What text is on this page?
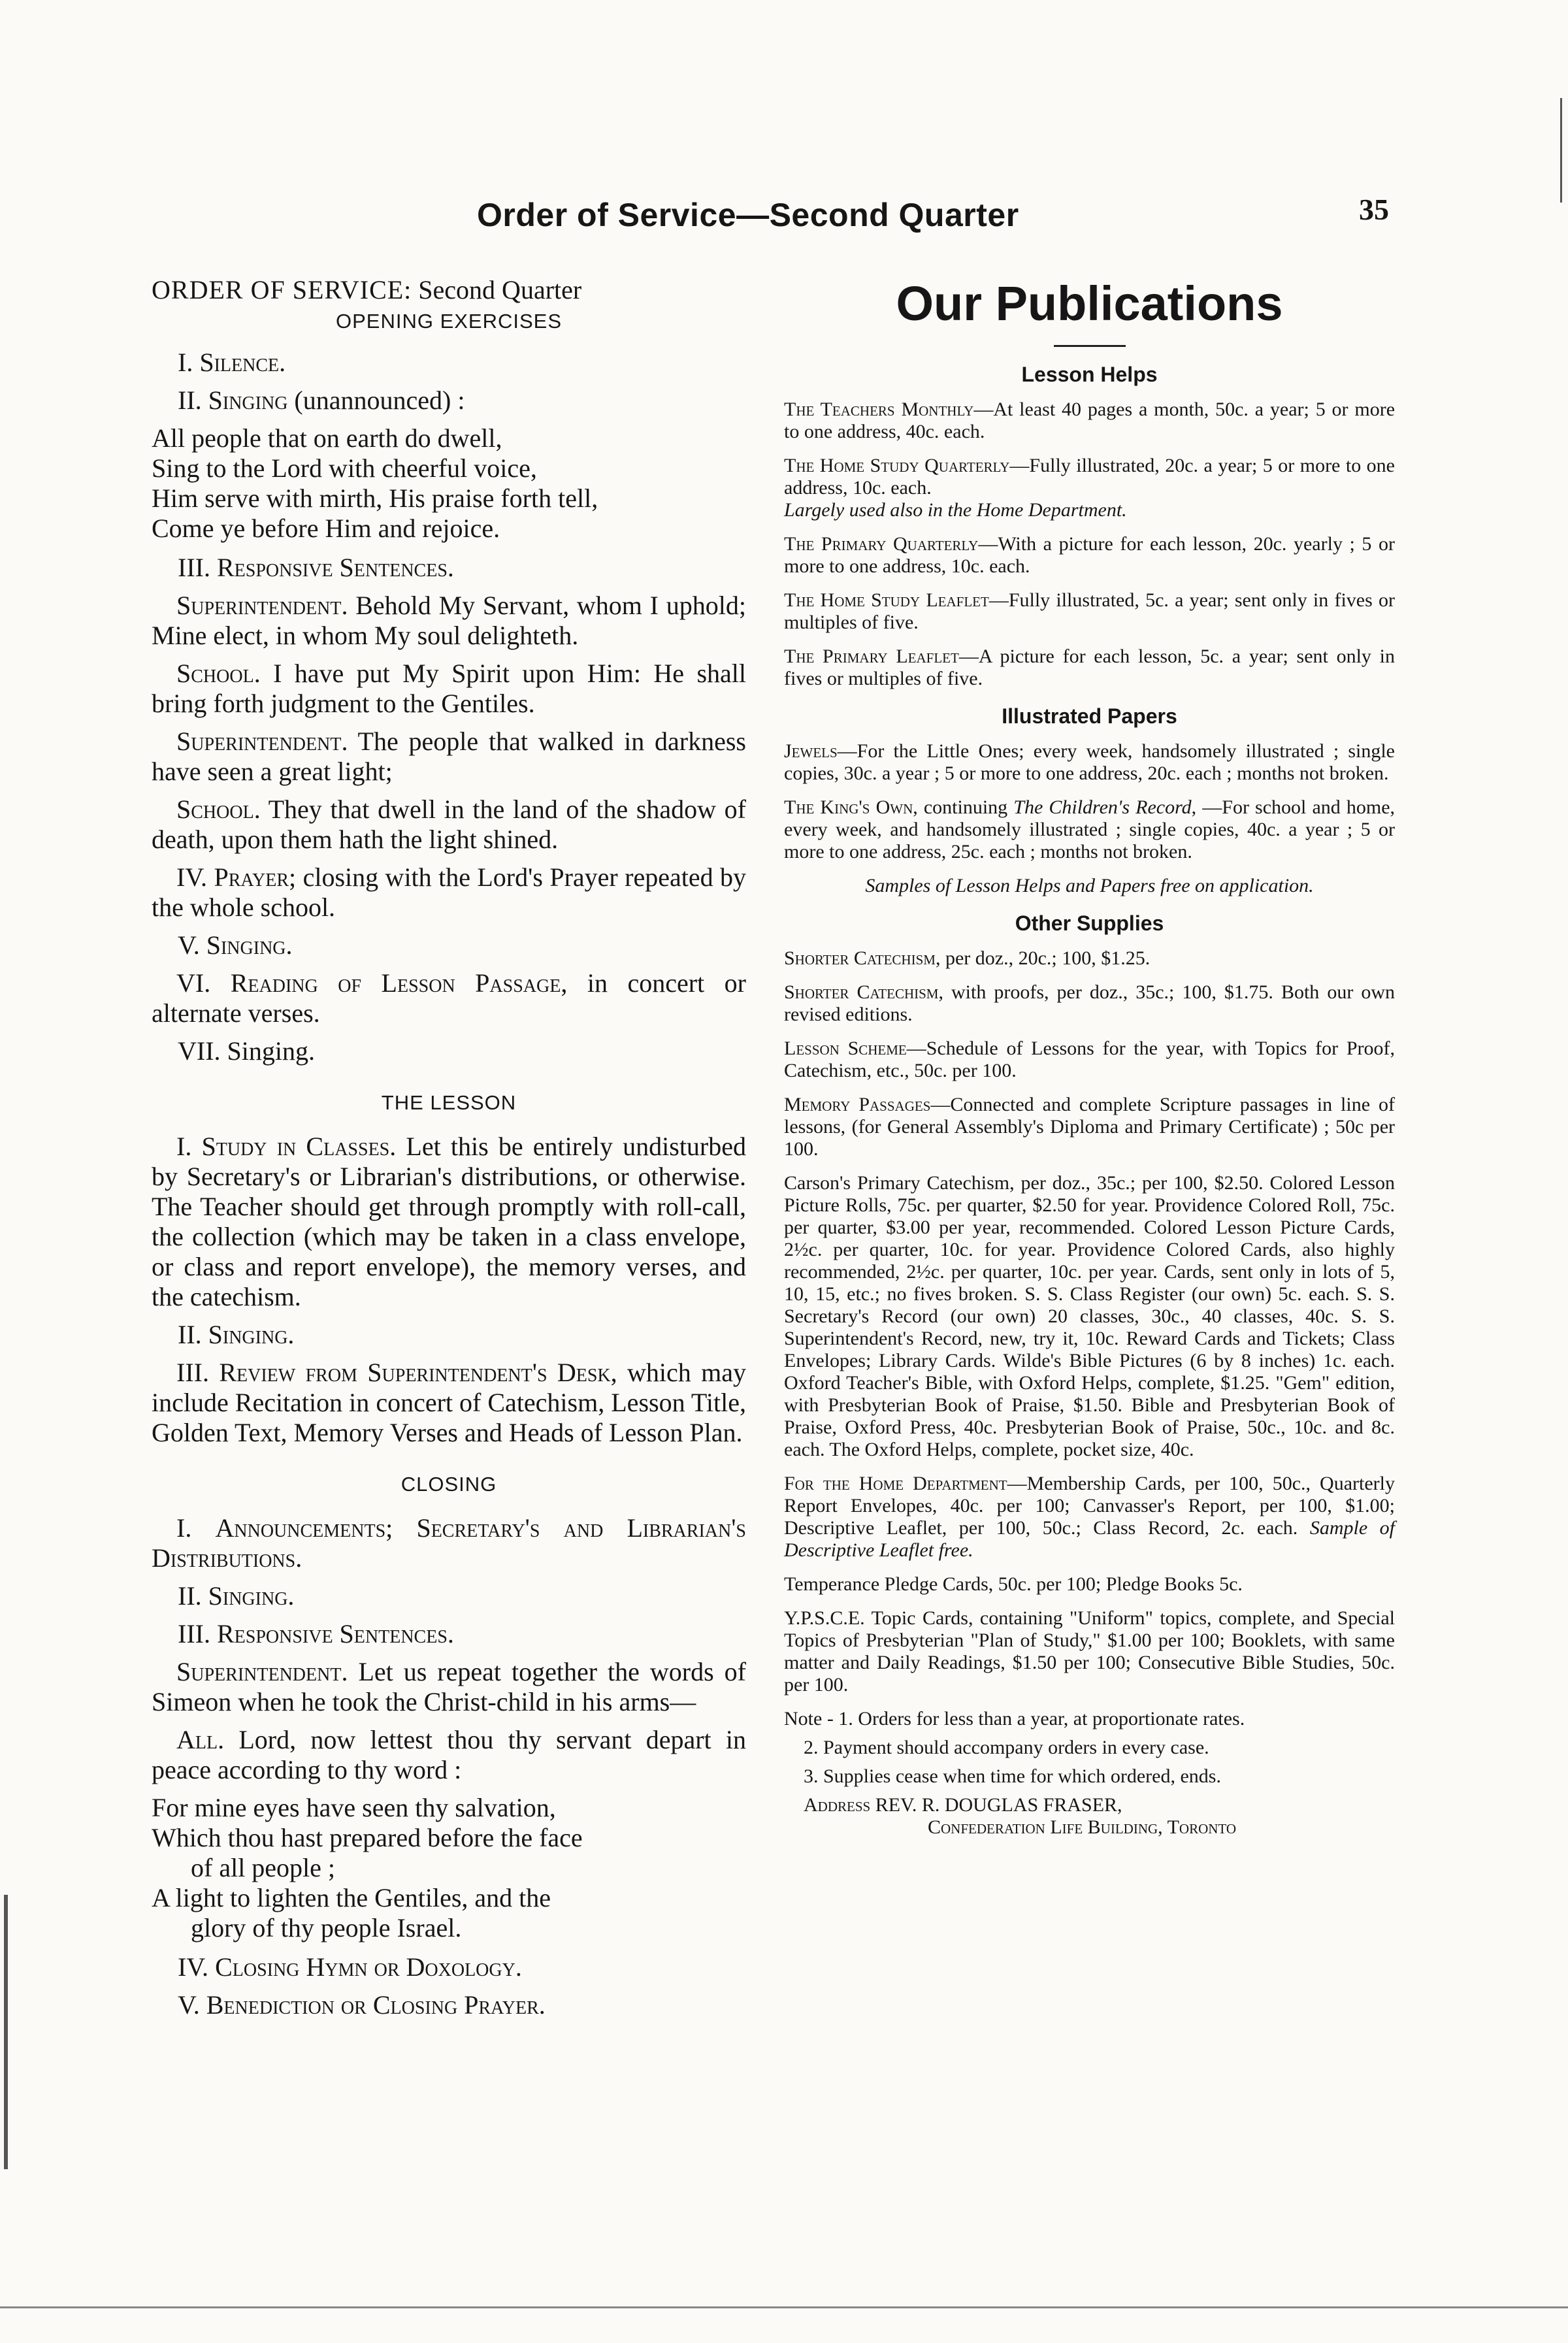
Order of Service—Second Quarter	35

ORDER OF SERVICE: Second Quarter

OPENING EXERCISES

I. Silence.

II. Singing (unannounced) :

All people that on earth do dwell,

Sing to the Lord with cheerful voice,

Him serve with mirth, His praise forth tell,

Come ye before Him and rejoice.

III. Responsive Sentences.

Superintendent. Behold My Servant, whom I uphold; Mine elect, in whom My soul delighteth.

School. I have put My Spirit upon Him: He shall bring forth judgment to the Gentiles.

Superintendent. The people that walked in darkness have seen a great light;

School. They that dwell in the land of the shadow of death, upon them hath the light shined.

IV. Prayer; closing with the Lord's Prayer repeated by the whole school.

V. Singing.

VI. Reading of Lesson Passage, in concert or alternate verses.

VII. Singing.

THE LESSON

I. Study in Classes. Let this be entirely undisturbed by Secretary's or Librarian's distributions, or otherwise. The Teacher should get through promptly with roll-call, the collection (which may be taken in a class envelope, or class and report envelope), the memory verses, and the catechism.

II. Singing.

III. Review from Superintendent's Desk, which may include Recitation in concert of Catechism, Lesson Title, Golden Text, Memory Verses and Heads of Lesson Plan.

CLOSING

I. Announcements; Secretary's and Librarian's Distributions.

II. Singing.

III. Responsive Sentences.

Superintendent. Let us repeat together the words of Simeon when he took the Christ-child in his arms—

All. Lord, now lettest thou thy servant depart in peace according to thy word :

For mine eyes have seen thy salvation,

Which thou hast prepared before the face

of all people ;

A light to lighten the Gentiles, and the

glory of thy people Israel.

IV. Closing Hymn or Doxology.

V. Benediction or Closing Prayer.

Our Publications
Lesson Helps

The Teachers Monthly—At least 40 pages a month, 50c. a year; 5 or more to one address, 40c. each.

The Home Study Quarterly—Fully illustrated, 20c. a year; 5 or more to one address, 10c. each.
Largely used also in the Home Department.

The Primary Quarterly—With a picture for each lesson, 20c. yearly ; 5 or more to one address, 10c. each.

The Home Study Leaflet—Fully illustrated, 5c. a year; sent only in fives or multiples of five.

The Primary Leaflet—A picture for each lesson, 5c. a year; sent only in fives or multiples of five.

Illustrated Papers

Jewels—For the Little Ones; every week, handsomely illustrated ; single copies, 30c. a year ; 5 or more to one address, 20c. each ; months not broken.

The King's Own, continuing The Children's Record, —For school and home, every week, and handsomely illustrated ; single copies, 40c. a year ; 5 or more to one address, 25c. each ; months not broken.

Samples of Lesson Helps and Papers free on application.

Other Supplies

Shorter Catechism, per doz., 20c.; 100, $1.25.

Shorter Catechism, with proofs, per doz., 35c.; 100, $1.75. Both our own revised editions.

Lesson Scheme—Schedule of Lessons for the year, with Topics for Proof, Catechism, etc., 50c. per 100.

Memory Passages—Connected and complete Scripture passages in line of lessons, (for General Assembly's Diploma and Primary Certificate) ; 50c per 100.

Carson's Primary Catechism, per doz., 35c.; per 100, $2.50. Colored Lesson Picture Rolls, 75c. per quarter, $2.50 for year. Providence Colored Roll, 75c. per quarter, $3.00 per year, recommended. Colored Lesson Picture Cards, 2½c. per quarter, 10c. for year. Providence Colored Cards, also highly recommended, 2½c. per quarter, 10c. per year. Cards, sent only in lots of 5, 10, 15, etc.; no fives broken. S. S. Class Register (our own) 5c. each. S. S. Secretary's Record (our own) 20 classes, 30c., 40 classes, 40c. S. S. Superintendent's Record, new, try it, 10c. Reward Cards and Tickets; Class Envelopes; Library Cards. Wilde's Bible Pictures (6 by 8 inches) 1c. each. Oxford Teacher's Bible, with Oxford Helps, complete, $1.25. "Gem" edition, with Presbyterian Book of Praise, $1.50. Bible and Presbyterian Book of Praise, Oxford Press, 40c. Presbyterian Book of Praise, 50c., 10c. and 8c. each. The Oxford Helps, complete, pocket size, 40c.

For the Home Department—Membership Cards, per 100, 50c., Quarterly Report Envelopes, 40c. per 100; Canvasser's Report, per 100, $1.00; Descriptive Leaflet, per 100, 50c.; Class Record, 2c. each. Sample of Descriptive Leaflet free.

Temperance Pledge Cards, 50c. per 100; Pledge Books 5c.

Y.P.S.C.E. Topic Cards, containing "Uniform" topics, complete, and Special Topics of Presbyterian "Plan of Study," $1.00 per 100; Booklets, with same matter and Daily Readings, $1.50 per 100; Consecutive Bible Studies, 50c. per 100.

Note - 1. Orders for less than a year, at proportionate rates.

2. Payment should accompany orders in every case.

3. Supplies cease when time for which ordered, ends.

Address REV. R. DOUGLAS FRASER,

Confederation Life Building, Toronto
